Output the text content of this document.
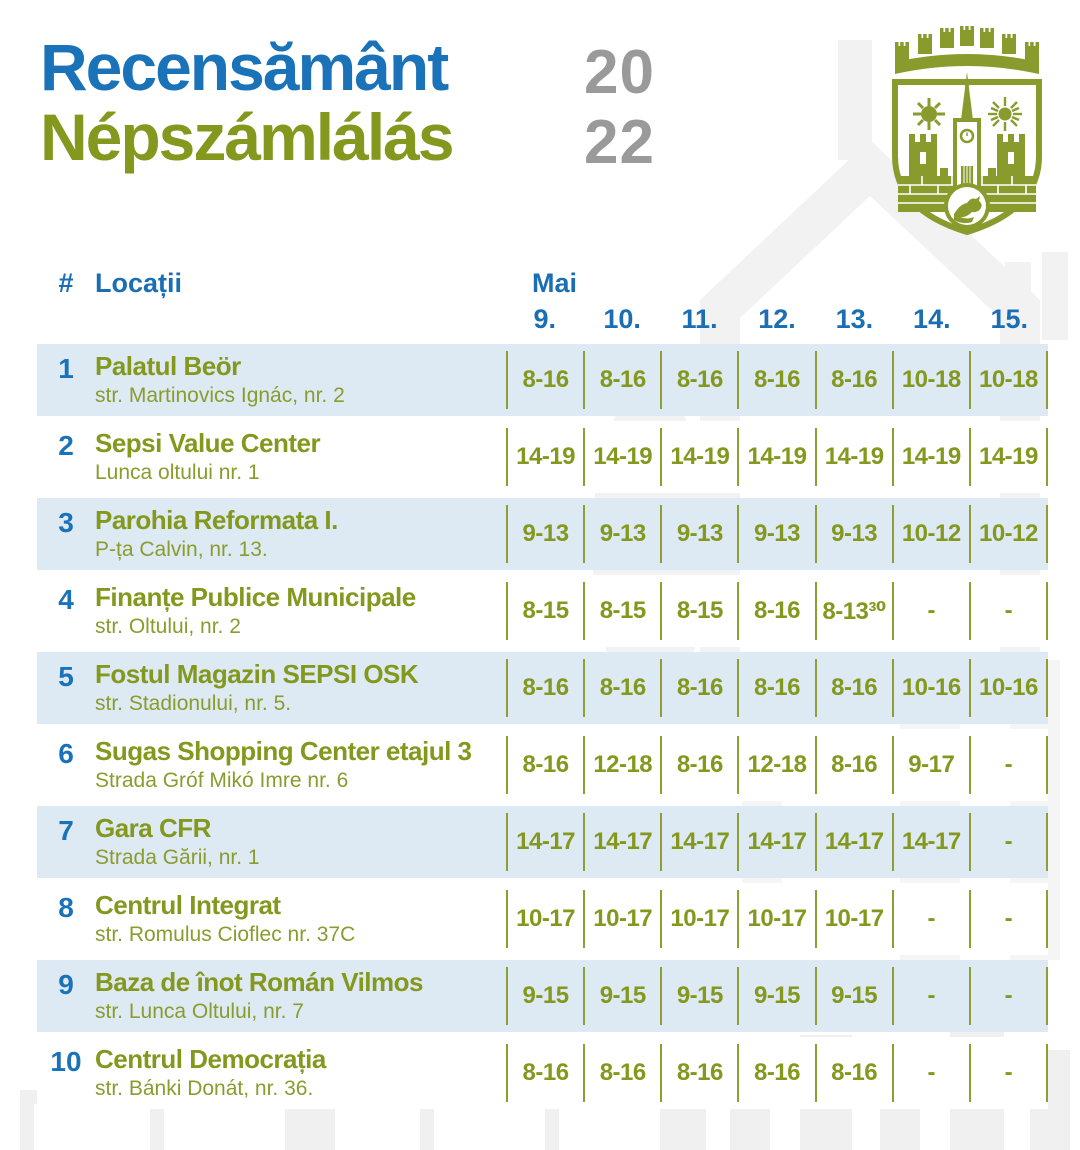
Recensământ
Népszámlálás
20
22
# Locații	Mai
9.	10.	11.	12.	13.	14.	15.
1 Palatul Beör
str. Martinovics Ignác, nr. 2
8-16	8-16	8-16	8-16	8-16	10-18 10-18
2 Sepsi Value Center
Lunca oltului nr. 1
14-19 14-19 14-19 14-19 14-19 14-19 14-19
3 Parohia Reformata I.
P-ța Calvin, nr. 13.
9-13	9-13	9-13	9-13	9-13	10-12 10-12
4 Finanțe Publice Municipale
str. Oltului, nr. 2
8-15	8-15	8-15	8-16 8-13³⁰	-	-
5 Fostul Magazin SEPSI OSK
str. Stadionului, nr. 5.
8-16	8-16	8-16	8-16	8-16	10-16 10-16
6 Sugas Shopping Center etajul 3
Strada Gróf Mikó Imre nr. 6
8-16	12-18	8-16	12-18	8-16	9-17	-
7 Gara CFR
Strada Gării, nr. 1
14-17 14-17 14-17 14-17 14-17 14-17	-
8 Centrul Integrat
str. Romulus Cioflec nr. 37C
10-17 10-17 10-17 10-17 10-17	-	-
9 Baza de înot Román Vilmos
str. Lunca Oltului, nr. 7
9-15	9-15	9-15	9-15	9-15	-	-
10 Centrul Democrația
str. Bánki Donát, nr. 36.
8-16	8-16	8-16	8-16	8-16	-	-
